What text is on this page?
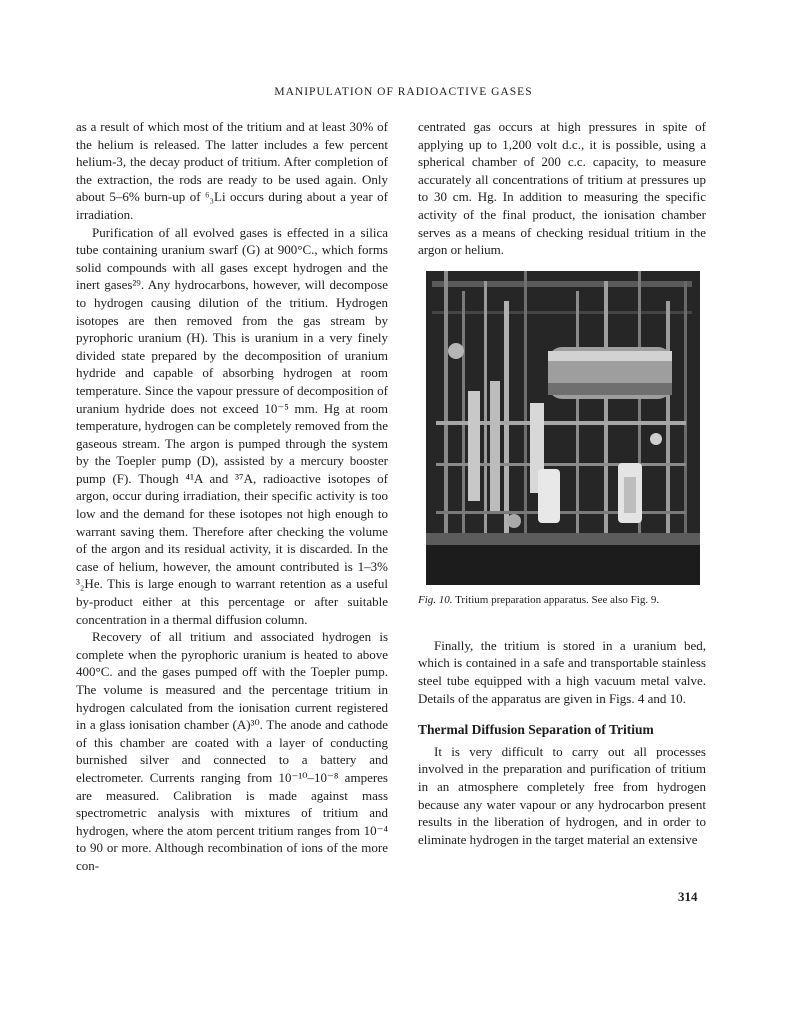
MANIPULATION OF RADIOACTIVE GASES

as a result of which most of the tritium and at least 30% of the helium is released. The latter includes a few percent helium-3, the decay product of tritium. After completion of the extraction, the rods are ready to be used again. Only about 5–6% burn-up of ⁶₃Li occurs during about a year of irradiation.

Purification of all evolved gases is effected in a silica tube containing uranium swarf (G) at 900°C., which forms solid compounds with all gases except hydrogen and the inert gases²⁹. Any hydrocarbons, however, will decompose to hydrogen causing dilution of the tritium. Hydrogen isotopes are then removed from the gas stream by pyrophoric uranium (H). This is uranium in a very finely divided state prepared by the decomposition of uranium hydride and capable of absorbing hydrogen at room temperature. Since the vapour pressure of decomposition of uranium hydride does not exceed 10⁻⁵ mm. Hg at room temperature, hydrogen can be completely removed from the gaseous stream. The argon is pumped through the system by the Toepler pump (D), assisted by a mercury booster pump (F). Though ⁴¹A and ³⁷A, radioactive isotopes of argon, occur during irradiation, their specific activity is too low and the demand for these isotopes not high enough to warrant saving them. Therefore after checking the volume of the argon and its residual activity, it is discarded. In the case of helium, however, the amount contributed is 1–3% ³₂He. This is large enough to warrant retention as a useful by-product either at this percentage or after suitable concentration in a thermal diffusion column.

Recovery of all tritium and associated hydrogen is complete when the pyrophoric uranium is heated to above 400°C. and the gases pumped off with the Toepler pump. The volume is measured and the percentage tritium in hydrogen calculated from the ionisation current registered in a glass ionisation chamber (A)³⁰. The anode and cathode of this chamber are coated with a layer of conducting burnished silver and connected to a battery and electrometer. Currents ranging from 10⁻¹⁰–10⁻⁸ amperes are measured. Calibration is made against mass spectrometric analysis with mixtures of tritium and hydrogen, where the atom percent tritium ranges from 10⁻⁴ to 90 or more. Although recombination of ions of the more con-

centrated gas occurs at high pressures in spite of applying up to 1,200 volt d.c., it is possible, using a spherical chamber of 200 c.c. capacity, to measure accurately all concentrations of tritium at pressures up to 30 cm. Hg. In addition to measuring the specific activity of the final product, the ionisation chamber serves as a means of checking residual tritium in the argon or helium.

Fig. 10. Tritium preparation apparatus. See also Fig. 9.

Finally, the tritium is stored in a uranium bed, which is contained in a safe and transportable stainless steel tube equipped with a high vacuum metal valve. Details of the apparatus are given in Figs. 4 and 10.

Thermal Diffusion Separation of Tritium

It is very difficult to carry out all processes involved in the preparation and purification of tritium in an atmosphere completely free from hydrogen because any water vapour or any hydrocarbon present results in the liberation of hydrogen, and in order to eliminate hydrogen in the target material an extensive

314
